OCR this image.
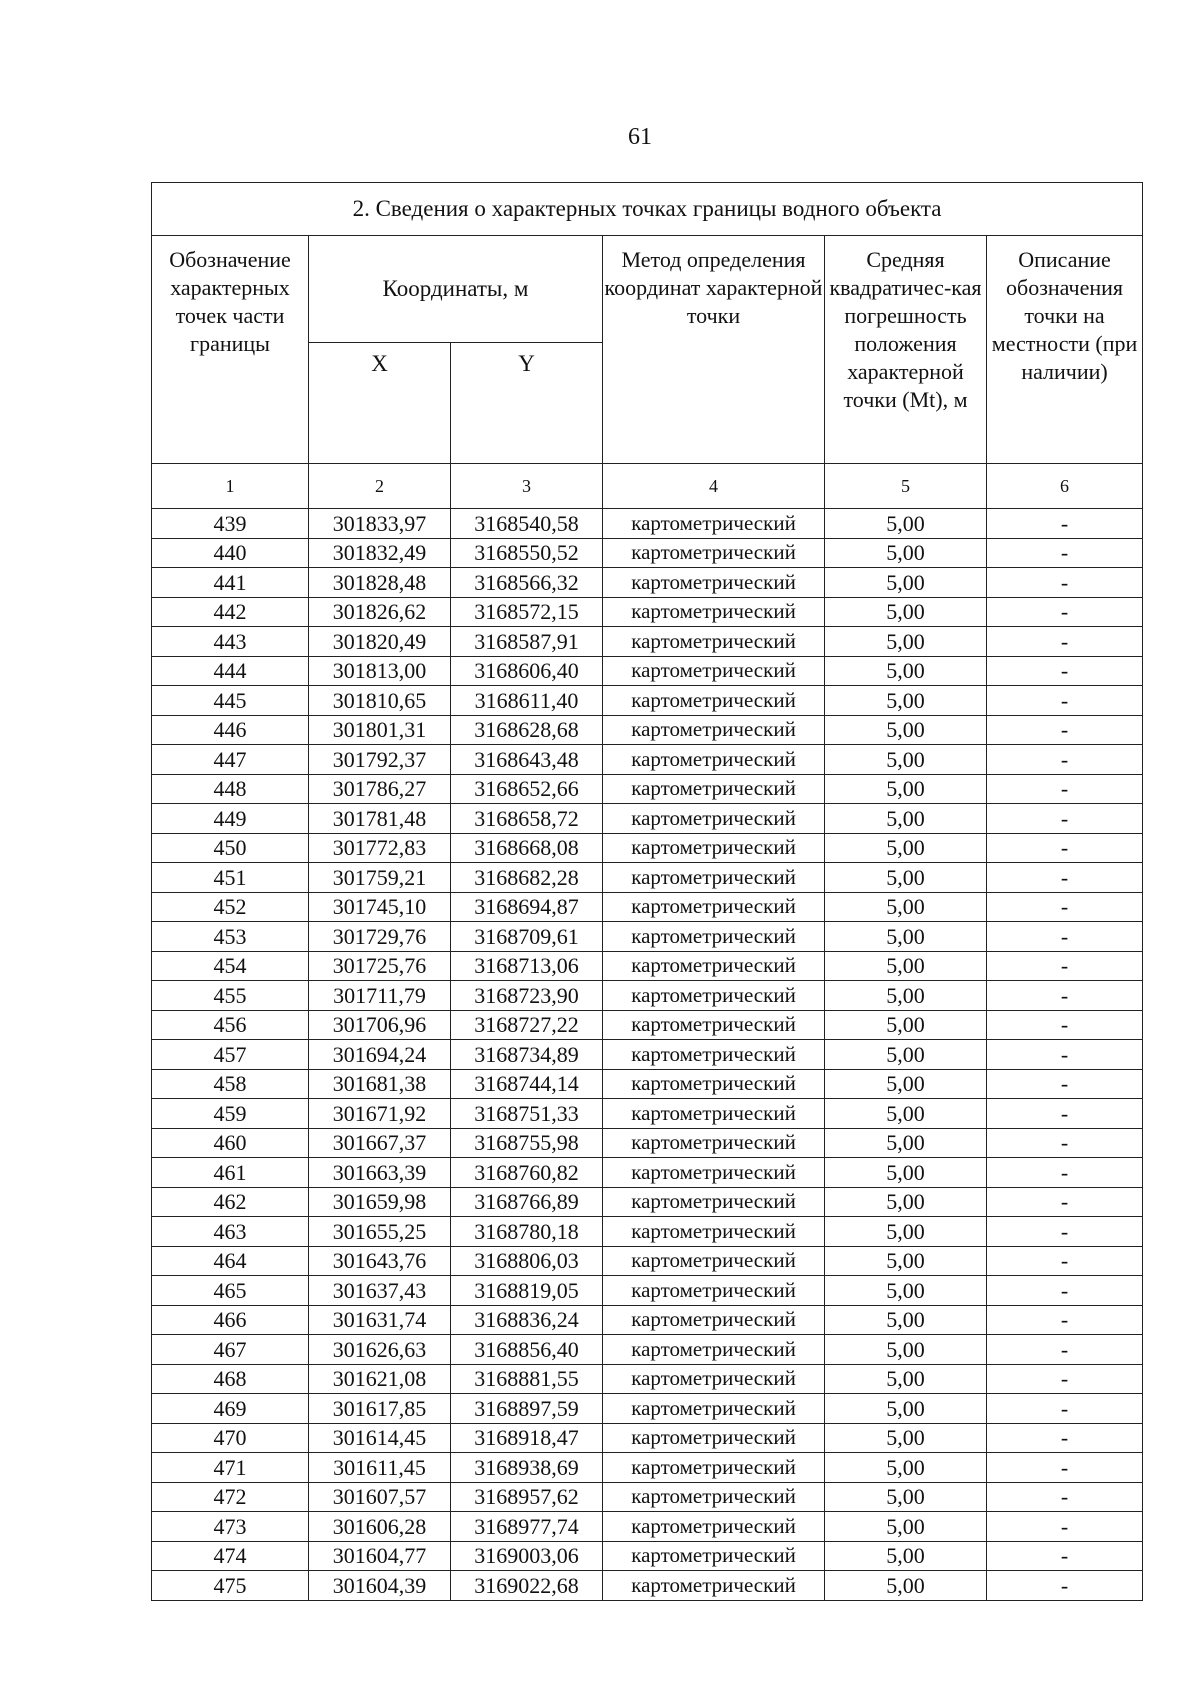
61
2. Сведения о характерных точках границы водного объекта					
Обозначение характерных точек части границы	Координаты, м		Метод определения координат характерной точки	Средняя квадратичес-кая погрешность положения характерной точки (Mt), м	Описание обозначения точки на местности (при наличии)
	X	Y			
1	2	3	4	5	6
439	301833,97	3168540,58	картометрический	5,00	-
440	301832,49	3168550,52	картометрический	5,00	-
441	301828,48	3168566,32	картометрический	5,00	-
442	301826,62	3168572,15	картометрический	5,00	-
443	301820,49	3168587,91	картометрический	5,00	-
444	301813,00	3168606,40	картометрический	5,00	-
445	301810,65	3168611,40	картометрический	5,00	-
446	301801,31	3168628,68	картометрический	5,00	-
447	301792,37	3168643,48	картометрический	5,00	-
448	301786,27	3168652,66	картометрический	5,00	-
449	301781,48	3168658,72	картометрический	5,00	-
450	301772,83	3168668,08	картометрический	5,00	-
451	301759,21	3168682,28	картометрический	5,00	-
452	301745,10	3168694,87	картометрический	5,00	-
453	301729,76	3168709,61	картометрический	5,00	-
454	301725,76	3168713,06	картометрический	5,00	-
455	301711,79	3168723,90	картометрический	5,00	-
456	301706,96	3168727,22	картометрический	5,00	-
457	301694,24	3168734,89	картометрический	5,00	-
458	301681,38	3168744,14	картометрический	5,00	-
459	301671,92	3168751,33	картометрический	5,00	-
460	301667,37	3168755,98	картометрический	5,00	-
461	301663,39	3168760,82	картометрический	5,00	-
462	301659,98	3168766,89	картометрический	5,00	-
463	301655,25	3168780,18	картометрический	5,00	-
464	301643,76	3168806,03	картометрический	5,00	-
465	301637,43	3168819,05	картометрический	5,00	-
466	301631,74	3168836,24	картометрический	5,00	-
467	301626,63	3168856,40	картометрический	5,00	-
468	301621,08	3168881,55	картометрический	5,00	-
469	301617,85	3168897,59	картометрический	5,00	-
470	301614,45	3168918,47	картометрический	5,00	-
471	301611,45	3168938,69	картометрический	5,00	-
472	301607,57	3168957,62	картометрический	5,00	-
473	301606,28	3168977,74	картометрический	5,00	-
474	301604,77	3169003,06	картометрический	5,00	-
475	301604,39	3169022,68	картометрический	5,00	-
